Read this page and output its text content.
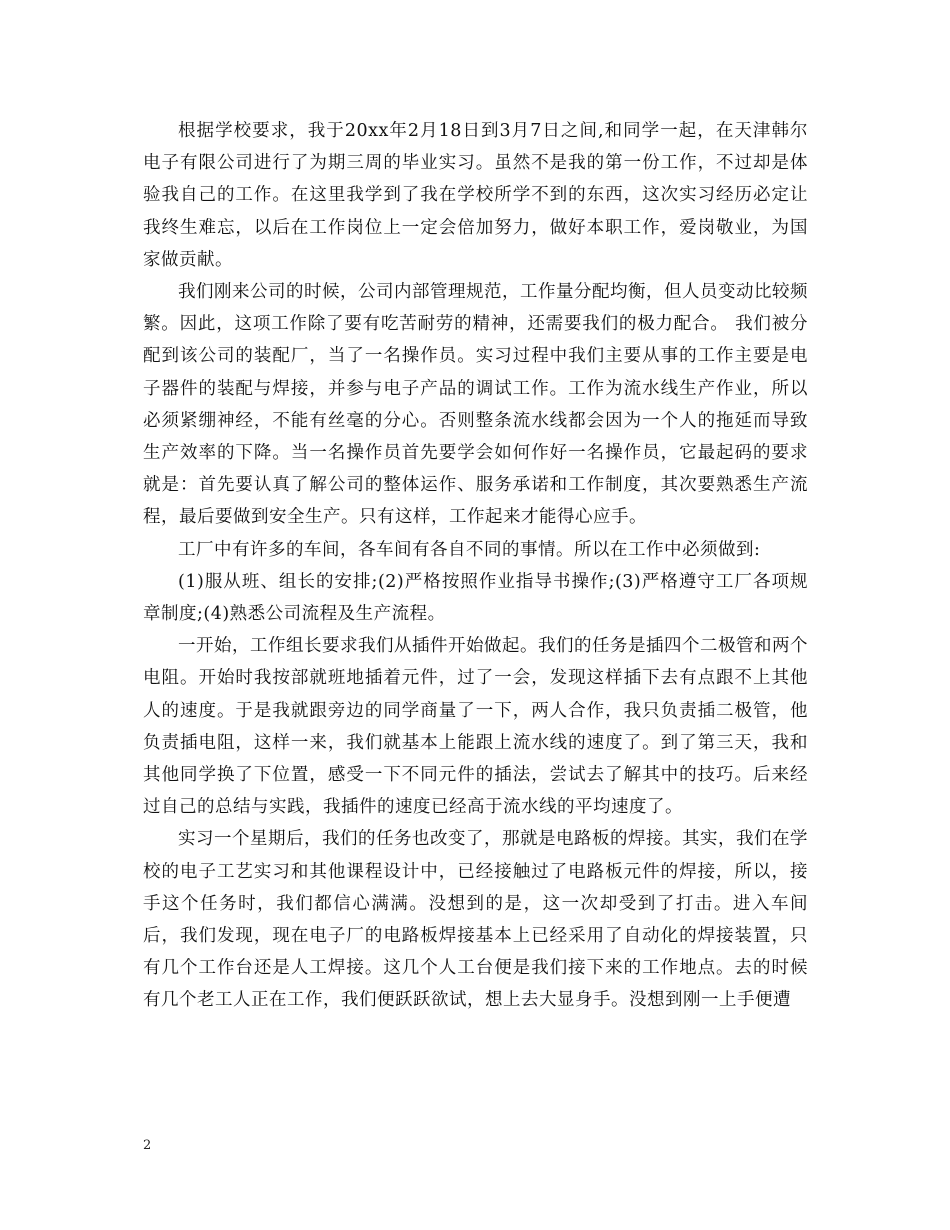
根据学校要求，我于20xx年2月18日到3月7日之间,和同学一起，在天津韩尔电子有限公司进行了为期三周的毕业实习。虽然不是我的第一份工作，不过却是体验我自己的工作。在这里我学到了我在学校所学不到的东西，这次实习经历必定让我终生难忘，以后在工作岗位上一定会倍加努力，做好本职工作，爱岗敬业，为国家做贡献。

我们刚来公司的时候，公司内部管理规范，工作量分配均衡，但人员变动比较频繁。因此，这项工作除了要有吃苦耐劳的精神，还需要我们的极力配合。 我们被分配到该公司的装配厂，当了一名操作员。实习过程中我们主要从事的工作主要是电子器件的装配与焊接，并参与电子产品的调试工作。工作为流水线生产作业，所以必须紧绷神经，不能有丝毫的分心。否则整条流水线都会因为一个人的拖延而导致生产效率的下降。当一名操作员首先要学会如何作好一名操作员，它最起码的要求就是：首先要认真了解公司的整体运作、服务承诺和工作制度，其次要熟悉生产流程，最后要做到安全生产。只有这样，工作起来才能得心应手。

工厂中有许多的车间，各车间有各自不同的事情。所以在工作中必须做到:

(1)服从班、组长的安排;(2)严格按照作业指导书操作;(3)严格遵守工厂各项规章制度;(4)熟悉公司流程及生产流程。

一开始，工作组长要求我们从插件开始做起。我们的任务是插四个二极管和两个电阻。开始时我按部就班地插着元件，过了一会，发现这样插下去有点跟不上其他人的速度。于是我就跟旁边的同学商量了一下，两人合作，我只负责插二极管，他负责插电阻，这样一来，我们就基本上能跟上流水线的速度了。到了第三天，我和其他同学换了下位置，感受一下不同元件的插法，尝试去了解其中的技巧。后来经过自己的总结与实践，我插件的速度已经高于流水线的平均速度了。

实习一个星期后，我们的任务也改变了，那就是电路板的焊接。其实，我们在学校的电子工艺实习和其他课程设计中，已经接触过了电路板元件的焊接，所以，接手这个任务时，我们都信心满满。没想到的是，这一次却受到了打击。进入车间后，我们发现，现在电子厂的电路板焊接基本上已经采用了自动化的焊接装置，只有几个工作台还是人工焊接。这几个人工台便是我们接下来的工作地点。去的时候有几个老工人正在工作，我们便跃跃欲试，想上去大显身手。没想到刚一上手便遭

2
